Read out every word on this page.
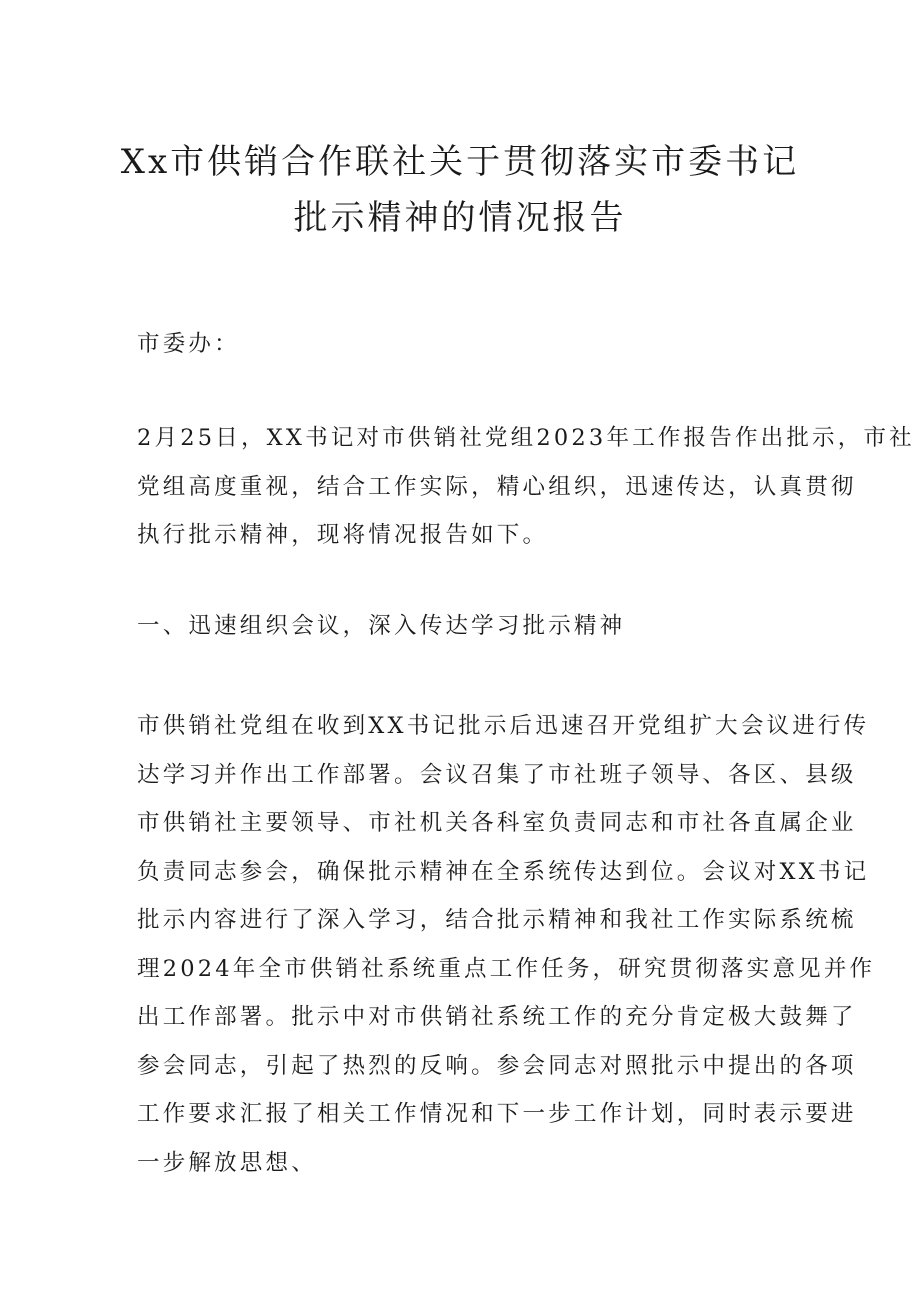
Xx市供销合作联社关于贯彻落实市委书记
批示精神的情况报告

市委办：

2月25日，XX书记对市供销社党组2023年工作报告作出批示，市社
党组高度重视，结合工作实际，精心组织，迅速传达，认真贯彻
执行批示精神，现将情况报告如下。

一、迅速组织会议，深入传达学习批示精神

市供销社党组在收到XX书记批示后迅速召开党组扩大会议进行传
达学习并作出工作部署。会议召集了市社班子领导、各区、县级
市供销社主要领导、市社机关各科室负责同志和市社各直属企业
负责同志参会，确保批示精神在全系统传达到位。会议对XX书记
批示内容进行了深入学习，结合批示精神和我社工作实际系统梳
理2024年全市供销社系统重点工作任务，研究贯彻落实意见并作
出工作部署。批示中对市供销社系统工作的充分肯定极大鼓舞了
参会同志，引起了热烈的反响。参会同志对照批示中提出的各项
工作要求汇报了相关工作情况和下一步工作计划，同时表示要进
一步解放思想、
